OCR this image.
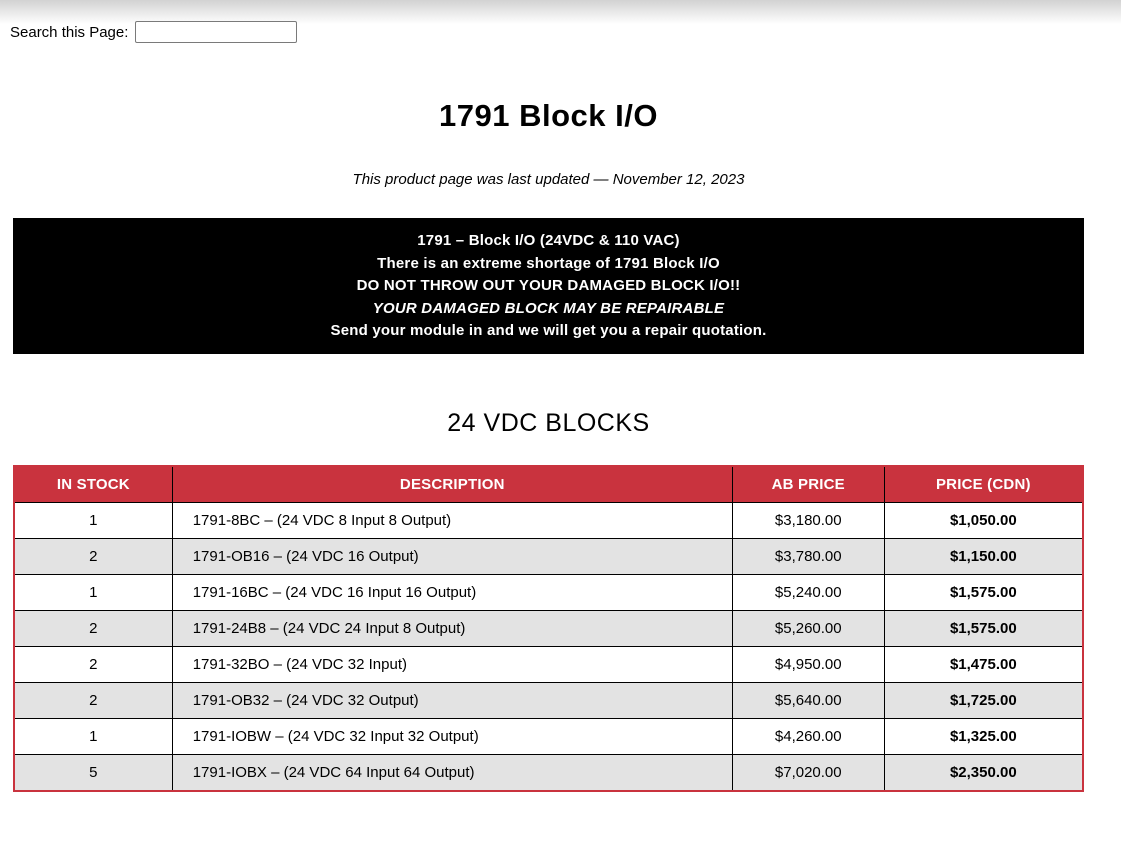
Search this Page:
1791 Block I/O
This product page was last updated — November 12, 2023
1791 – Block I/O (24VDC & 110 VAC)
There is an extreme shortage of 1791 Block I/O
DO NOT THROW OUT YOUR DAMAGED BLOCK I/O!!
YOUR DAMAGED BLOCK MAY BE REPAIRABLE
Send your module in and we will get you a repair quotation.
24 VDC BLOCKS
IN STOCK	DESCRIPTION	AB PRICE	PRICE (CDN)
1	1791-8BC – (24 VDC 8 Input 8 Output)	$3,180.00	$1,050.00
2	1791-OB16 – (24 VDC 16 Output)	$3,780.00	$1,150.00
1	1791-16BC – (24 VDC 16 Input 16 Output)	$5,240.00	$1,575.00
2	1791-24B8 – (24 VDC 24 Input 8 Output)	$5,260.00	$1,575.00
2	1791-32BO – (24 VDC 32 Input)	$4,950.00	$1,475.00
2	1791-OB32 – (24 VDC 32 Output)	$5,640.00	$1,725.00
1	1791-IOBW – (24 VDC 32 Input 32 Output)	$4,260.00	$1,325.00
5	1791-IOBX – (24 VDC 64 Input 64 Output)	$7,020.00	$2,350.00
